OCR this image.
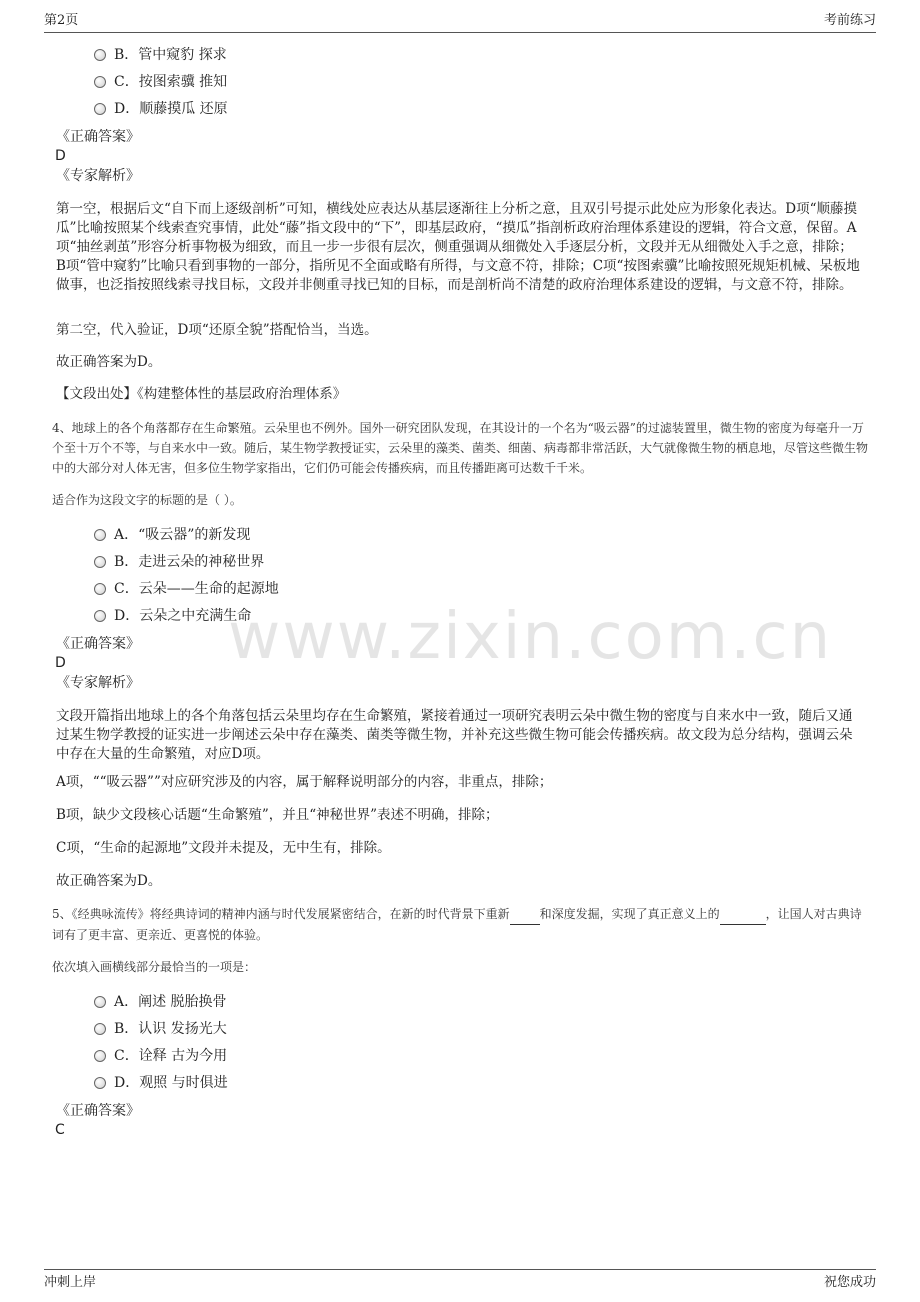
第2页	考前练习
www.zixin.com.cn
B．管中窥豹 探求
C．按图索骥 推知
D．顺藤摸瓜 还原
《正确答案》
D
《专家解析》
第一空，根据后文“自下而上逐级剖析”可知，横线处应表达从基层逐渐往上分析之意，且双引号提示此处应为形象化表达。D项“顺藤摸瓜”比喻按照某个线索查究事情，此处“藤”指文段中的“下”，即基层政府，“摸瓜”指剖析政府治理体系建设的逻辑，符合文意，保留。A项“抽丝剥茧”形容分析事物极为细致，而且一步一步很有层次，侧重强调从细微处入手逐层分析，文段并无从细微处入手之意，排除；B项“管中窥豹”比喻只看到事物的一部分，指所见不全面或略有所得，与文意不符，排除；C项“按图索骥”比喻按照死规矩机械、呆板地做事，也泛指按照线索寻找目标，文段并非侧重寻找已知的目标，而是剖析尚不清楚的政府治理体系建设的逻辑，与文意不符，排除。
第二空，代入验证，D项“还原全貌”搭配恰当，当选。
故正确答案为D。
【文段出处】《构建整体性的基层政府治理体系》
4、地球上的各个角落都存在生命繁殖。云朵里也不例外。国外一研究团队发现，在其设计的一个名为“吸云器”的过滤装置里，微生物的密度为每毫升一万个至十万个不等，与自来水中一致。随后，某生物学教授证实，云朵里的藻类、菌类、细菌、病毒都非常活跃，大气就像微生物的栖息地，尽管这些微生物中的大部分对人体无害，但多位生物学家指出，它们仍可能会传播疾病，而且传播距离可达数千千米。
适合作为这段文字的标题的是（ ）。
A．“吸云器”的新发现
B．走进云朵的神秘世界
C．云朵——生命的起源地
D．云朵之中充满生命
《正确答案》
D
《专家解析》
文段开篇指出地球上的各个角落包括云朵里均存在生命繁殖，紧接着通过一项研究表明云朵中微生物的密度与自来水中一致，随后又通过某生物学教授的证实进一步阐述云朵中存在藻类、菌类等微生物，并补充这些微生物可能会传播疾病。故文段为总分结构，强调云朵中存在大量的生命繁殖，对应D项。
A项，““吸云器””对应研究涉及的内容，属于解释说明部分的内容，非重点，排除；
B项，缺少文段核心话题“生命繁殖”，并且“神秘世界”表述不明确，排除；
C项，“生命的起源地”文段并未提及，无中生有，排除。
故正确答案为D。
5、《经典咏流传》将经典诗词的精神内涵与时代发展紧密结合，在新的时代背景下重新	和深度发掘，实现了真正意义上的	，让国人对古典诗词有了更丰富、更亲近、更喜悦的体验。
依次填入画横线部分最恰当的一项是：
A．阐述 脱胎换骨
B．认识 发扬光大
C．诠释 古为今用
D．观照 与时俱进
《正确答案》
C
冲刺上岸	祝您成功
